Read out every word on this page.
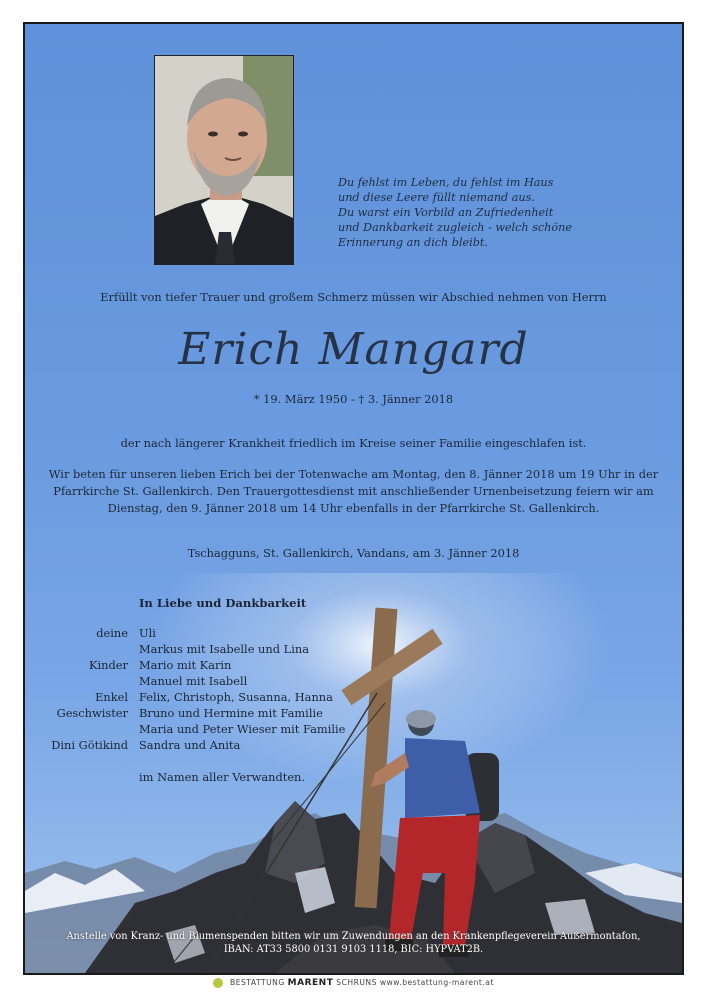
Du fehlst im Leben, du fehlst im Haus
und diese Leere füllt niemand aus.
Du warst ein Vorbild an Zufriedenheit
und Dankbarkeit zugleich - welch schöne
Erinnerung an dich bleibt.
Erfüllt von tiefer Trauer und großem Schmerz müssen wir Abschied nehmen von Herrn
Erich Mangard
* 19. März 1950 - † 3. Jänner 2018
der nach längerer Krankheit friedlich im Kreise seiner Familie eingeschlafen ist.
Wir beten für unseren lieben Erich bei der Totenwache am Montag, den 8. Jänner 2018 um 19 Uhr in der
Pfarrkirche St. Gallenkirch. Den Trauergottesdienst mit anschließender Urnenbeisetzung feiern wir am
Dienstag, den 9. Jänner 2018 um 14 Uhr ebenfalls in der Pfarrkirche St. Gallenkirch.
Tschagguns, St. Gallenkirch, Vandans, am 3. Jänner 2018
In Liebe und Dankbarkeit
deine Uli
Markus mit Isabelle und Lina
Kinder Mario mit Karin
Manuel mit Isabell
Enkel Felix, Christoph, Susanna, Hanna
Geschwister Bruno und Hermine mit Familie
Maria und Peter Wieser mit Familie
Dini Götikind Sandra und Anita
im Namen aller Verwandten.
Anstelle von Kranz- und Blumenspenden bitten wir um Zuwendungen an den Krankenpflegeverein Außermontafon,
IBAN: AT33 5800 0131 9103 1118, BIC: HYPVAT2B.
BESTATTUNG MARENT SCHRUNS www.bestattung-marent.at
